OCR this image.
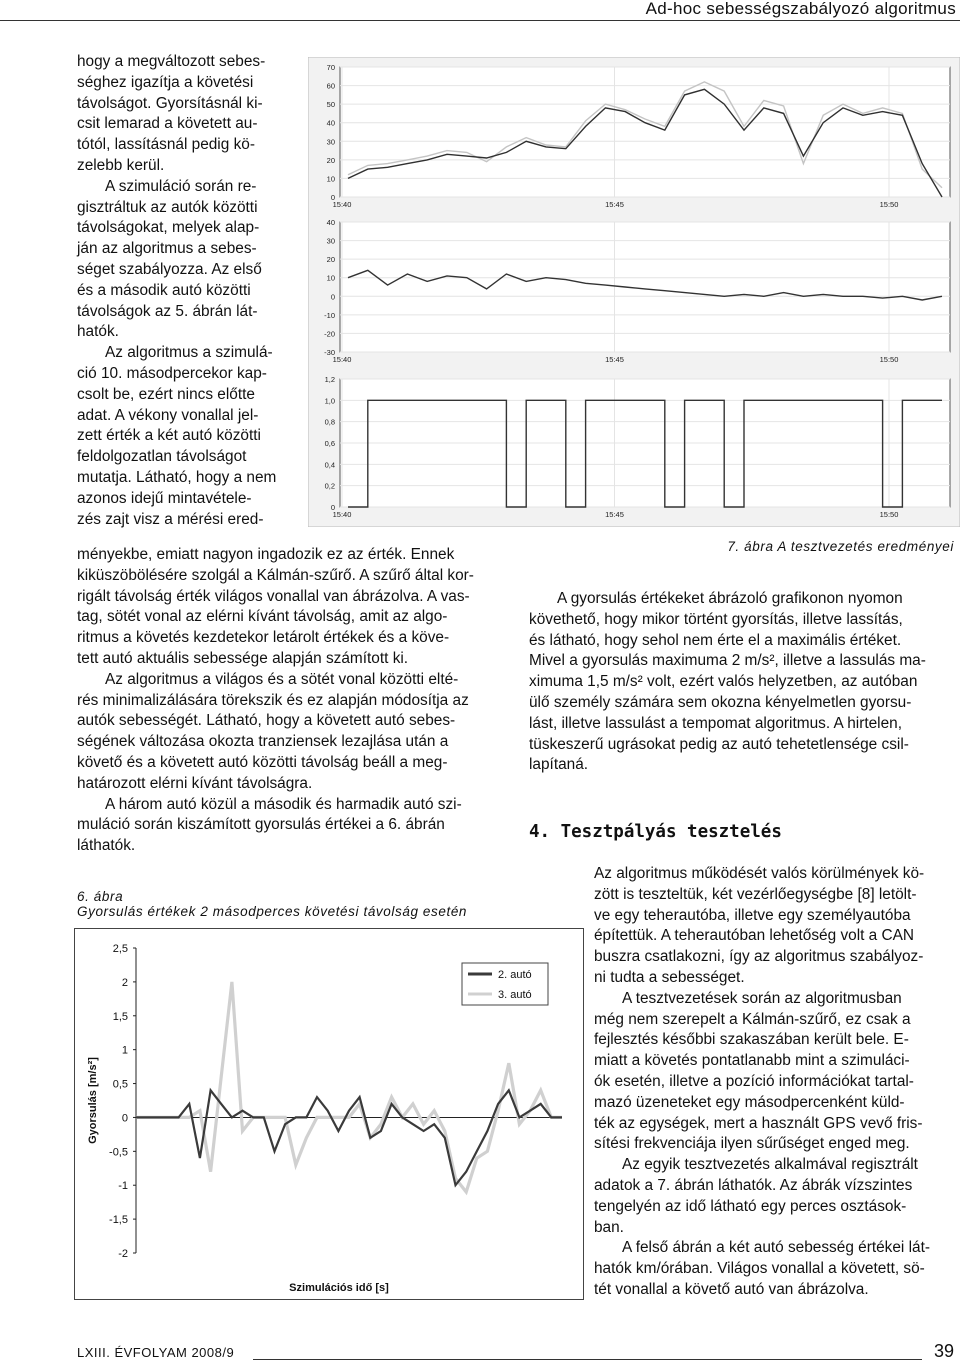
Ad-hoc sebességszabályozó algoritmus

hogy a megváltozott sebes-
séghez igazítja a követési
távolságot. Gyorsításnál ki-
csit lemarad a követett au-
tótól, lassításnál pedig kö-
zelebb kerül.

A szimuláció során re-
gisztráltuk az autók közötti
távolságokat, melyek alap-
ján az algoritmus a sebes-
séget szabályozza. Az első
és a második autó közötti
távolságok az 5. ábrán lát-
hatók.

Az algoritmus a szimulá-
ció 10. másodpercekor kap-
csolt be, ezért nincs előtte
adat. A vékony vonallal jel-
zett érték a két autó közötti
feldolgozatlan távolságot
mutatja. Látható, hogy a nem
azonos idejű mintavétele-
zés zajt visz a mérési ered-

ményekbe, emiatt nagyon ingadozik ez az érték. Ennek
kiküszöbölésére szolgál a Kálmán-szűrő. A szűrő által kor-
rigált távolság érték világos vonallal van ábrázolva. A vas-
tag, sötét vonal az elérni kívánt távolság, amit az algo-
ritmus a követés kezdetekor letárolt értékek és a köve-
tett autó aktuális sebessége alapján számított ki.

Az algoritmus a világos és a sötét vonal közötti elté-
rés minimalizálására törekszik és ez alapján módosítja az
autók sebességét. Látható, hogy a követett autó sebes-
ségének változása okozta tranziensek lezajlása után a
követő és a követett autó közötti távolság beáll a meg-
határozott elérni kívánt távolságra.

A három autó közül a második és harmadik autó szi-
muláció során kiszámított gyorsulás értékei a 6. ábrán
láthatók.

6. ábra
Gyorsulás értékek 2 másodperces követési távolság esetén
70
60
50
40
30
20
10
0
15:40	15:45	15:50
40
30
20
10
0
-10
-20
-30
15:40	15:45	15:50
1,2
1,0
0,8
0,6
0,4
0,2
0
15:40	15:45	15:50
7. ábra A tesztvezetés eredményei

A gyorsulás értékeket ábrázoló grafikonon nyomon
követhető, hogy mikor történt gyorsítás, illetve lassítás,
és látható, hogy sehol nem érte el a maximális értéket.
Mivel a gyorsulás maximuma 2 m/s², illetve a lassulás ma-
ximuma 1,5 m/s² volt, ezért valós helyzetben, az autóban
ülő személy számára sem okozna kényelmetlen gyorsu-
lást, illetve lassulást a tempomat algoritmus. A hirtelen,
tüskeszerű ugrásokat pedig az autó tehetetlensége csil-
lapítaná.

4. Tesztpályás tesztelés

Az algoritmus működését valós körülmények kö-
zött is teszteltük, két vezérlőegységbe [8] letölt-
ve egy teherautóba, illetve egy személyautóba
építettük. A teherautóban lehetőség volt a CAN
buszra csatlakozni, így az algoritmus szabályoz-
ni tudta a sebességet.

A tesztvezetések során az algoritmusban
még nem szerepelt a Kálmán-szűrő, ez csak a
fejlesztés későbbi szakaszában került bele. E-
miatt a követés pontatlanabb mint a szimuláci-
ók esetén, illetve a pozíció információkat tartal-
mazó üzeneteket egy másodpercenként küld-
ték az egységek, mert a használt GPS vevő fris-
sítési frekvenciája ilyen sűrűséget enged meg.

Az egyik tesztvezetés alkalmával regisztrált
adatok a 7. ábrán láthatók. Az ábrák vízszintes
tengelyén az idő látható egy perces osztások-
ban.

A felső ábrán a két autó sebesség értékei lát-
hatók km/órában. Világos vonallal a követett, sö-
tét vonallal a követő autó van ábrázolva.

2,5
2
1,5
1
0,5
0
-0,5
-1
-1,5
-2
Gyorsulás [m/s²]
Szimulációs idő [s]
2. autó
3. autó
LXIII. ÉVFOLYAM 2008/9	39
